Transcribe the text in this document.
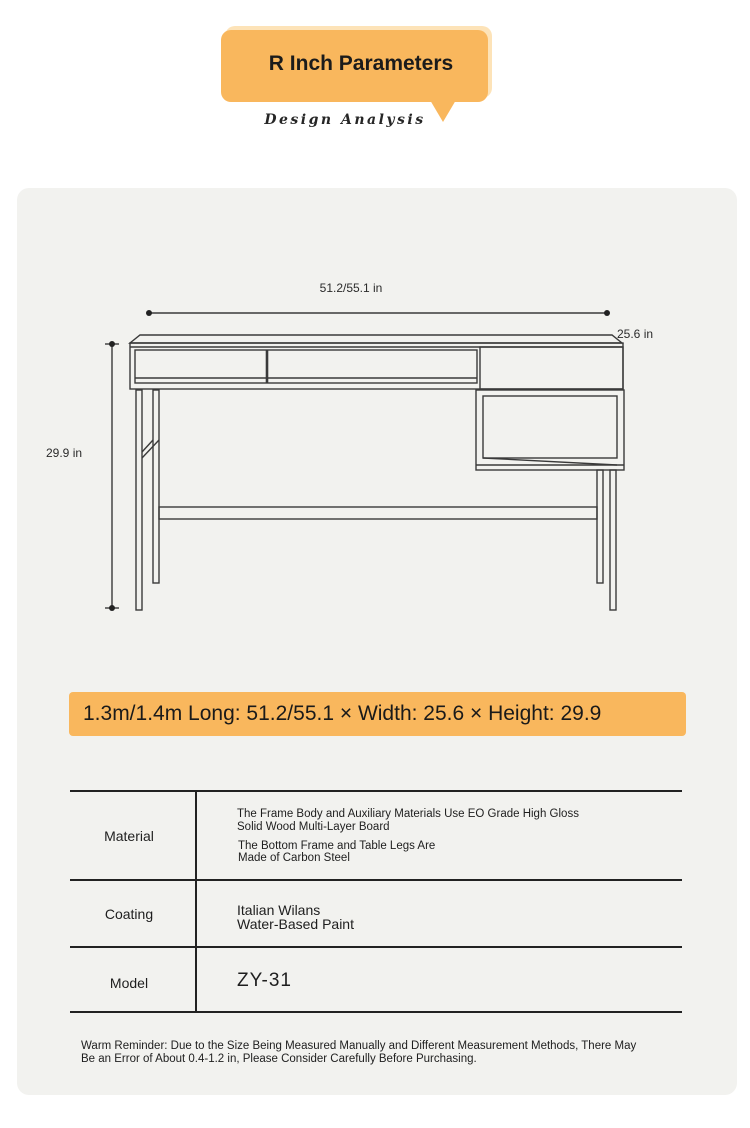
R Inch Parameters
Design Analysis
51.2/55.1 in
25.6 in
29.9 in
1.3m/1.4m Long: 51.2/55.1 × Width: 25.6 × Height: 29.9
Material
The Frame Body and Auxiliary Materials Use EO Grade High Gloss
Solid Wood Multi-Layer Board
The Bottom Frame and Table Legs Are
Made of Carbon Steel
Coating	Italian Wilans
Water-Based Paint
Model	ZY-31
Warm Reminder: Due to the Size Being Measured Manually and Different Measurement Methods, There May
Be an Error of About 0.4-1.2 in, Please Consider Carefully Before Purchasing.
